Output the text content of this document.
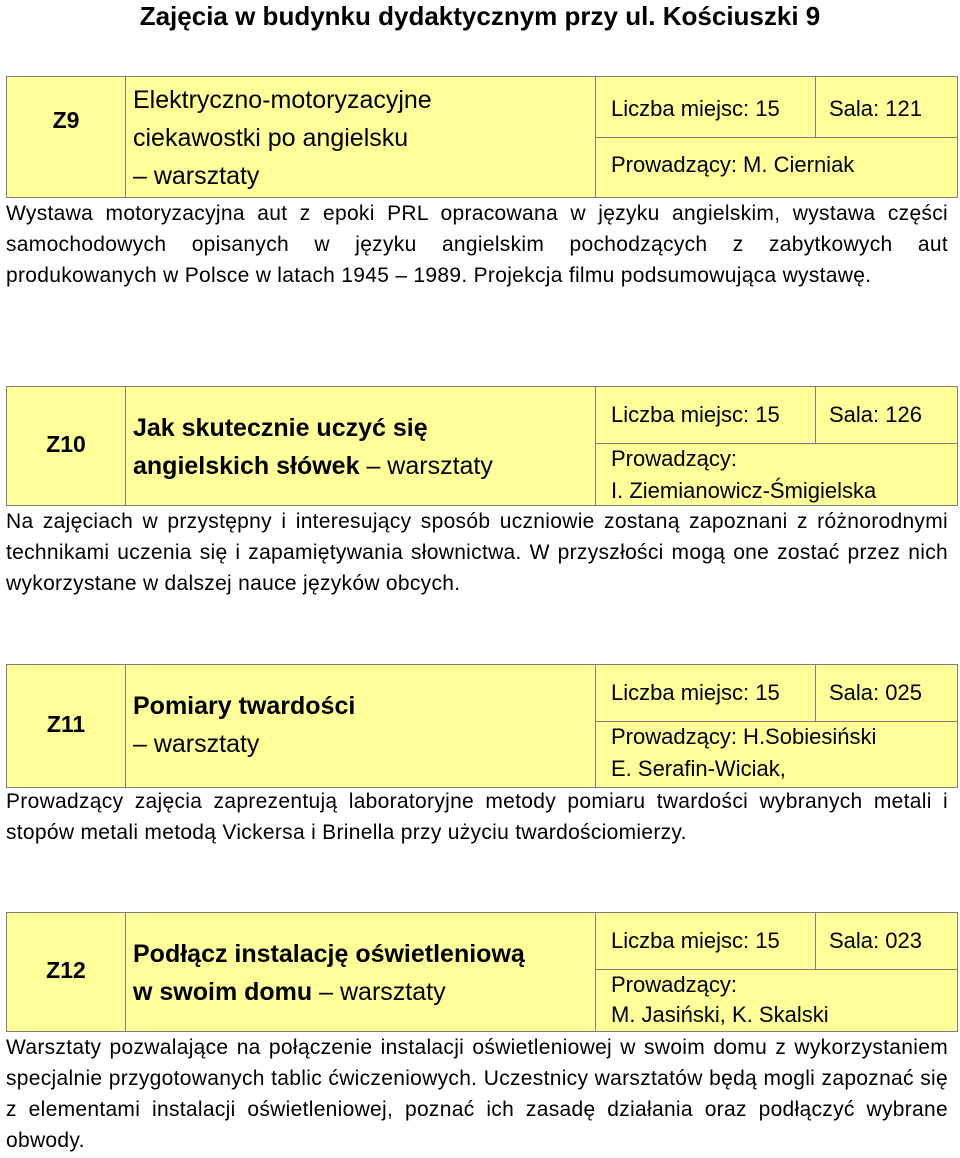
Zajęcia w budynku dydaktycznym przy ul. Kościuszki 9
Z9
Elektryczno-motoryzacyjne
ciekawostki po angielsku
– warsztaty
Liczba miejsc: 15 Sala: 121
Prowadzący: M. Cierniak
Wystawa motoryzacyjna aut z epoki PRL opracowana w języku angielskim, wystawa części samochodowych opisanych w języku angielskim pochodzących z zabytkowych aut produkowanych w Polsce w latach 1945 – 1989. Projekcja filmu podsumowująca wystawę.
Z10
Jak skutecznie uczyć się
angielskich słówek – warsztaty
Liczba miejsc: 15 Sala: 126
Prowadzący:
I. Ziemianowicz-Śmigielska
Na zajęciach w przystępny i interesujący sposób uczniowie zostaną zapoznani z różnorodnymi technikami uczenia się i zapamiętywania słownictwa. W przyszłości mogą one zostać przez nich wykorzystane w dalszej nauce języków obcych.
Z11
Pomiary twardości
– warsztaty
Liczba miejsc: 15 Sala: 025
Prowadzący: H.Sobiesiński
E. Serafin-Wiciak,
Prowadzący zajęcia zaprezentują laboratoryjne metody pomiaru twardości wybranych metali i stopów metali metodą Vickersa i Brinella przy użyciu twardościomierzy.
Z12
Podłącz instalację oświetleniową
w swoim domu – warsztaty
Liczba miejsc: 15 Sala: 023
Prowadzący:
M. Jasiński, K. Skalski
Warsztaty pozwalające na połączenie instalacji oświetleniowej w swoim domu z wykorzystaniem specjalnie przygotowanych tablic ćwiczeniowych. Uczestnicy warsztatów będą mogli zapoznać się z elementami instalacji oświetleniowej, poznać ich zasadę działania oraz podłączyć wybrane obwody.
